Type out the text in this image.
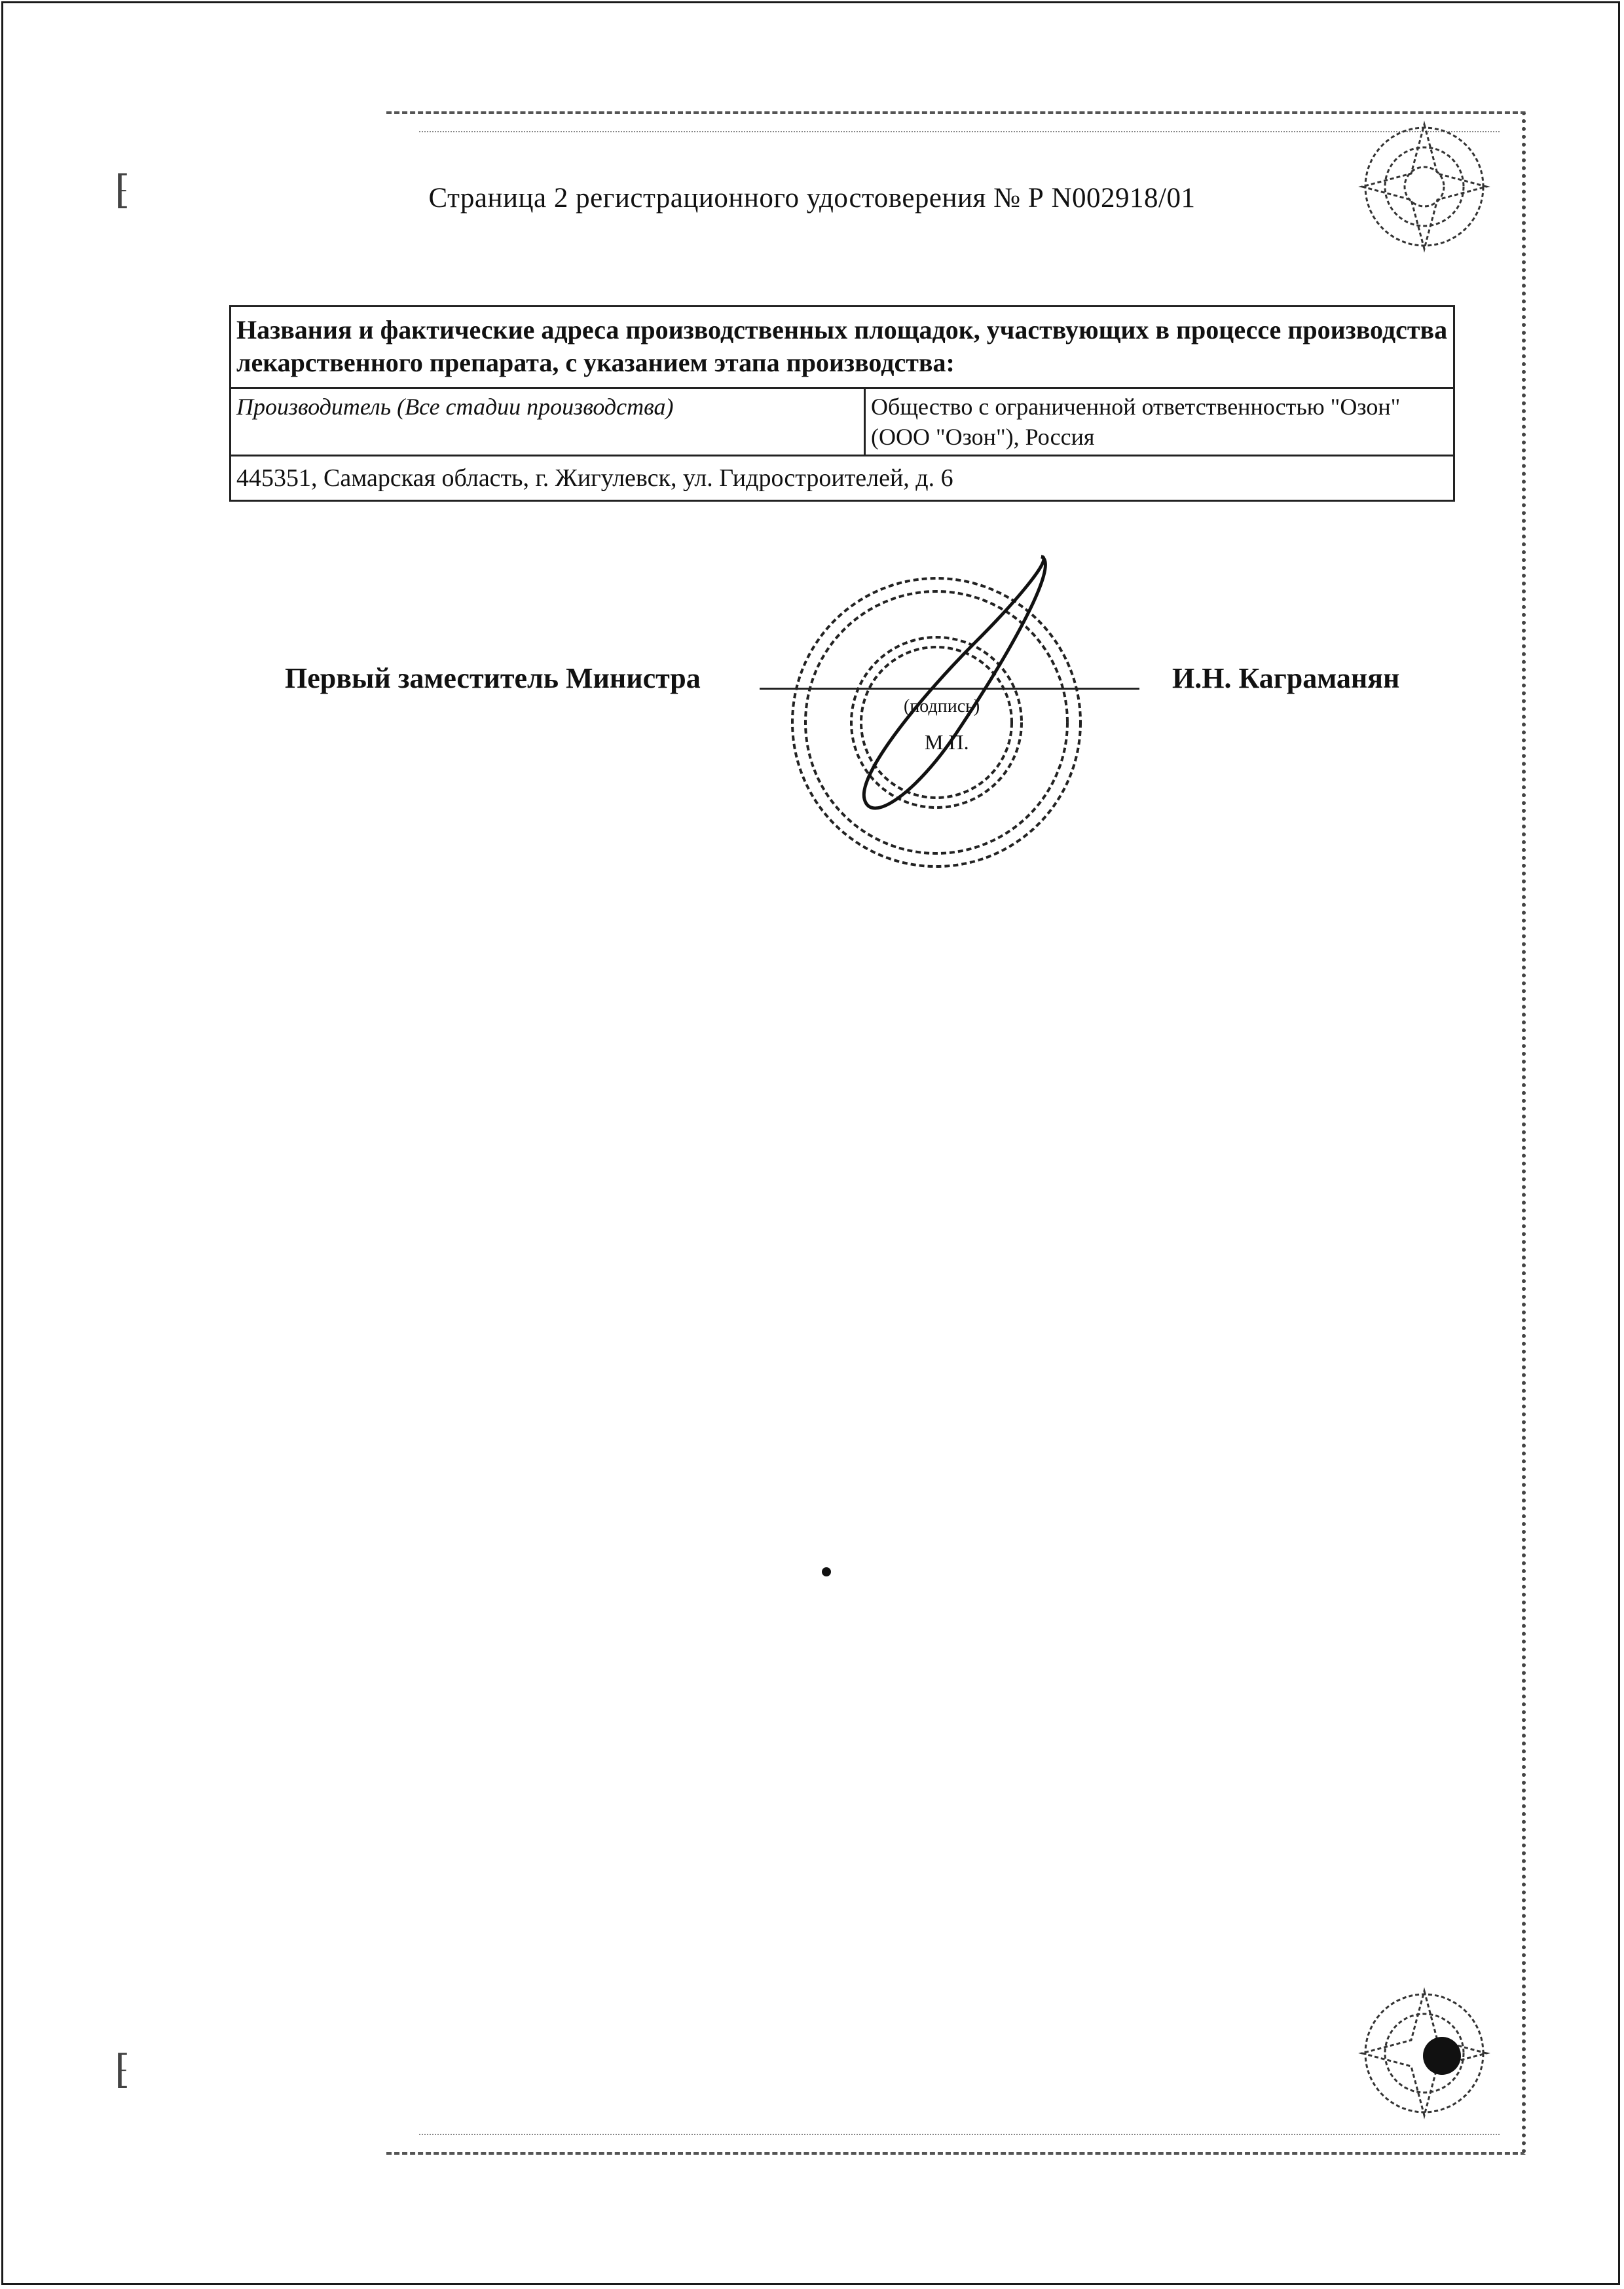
⁅
⁅
Страница 2 регистрационного удостоверения № Р N002918/01
Названия и фактические адреса производственных площадок, участвующих в процессе производства лекарственного препарата, с указанием этапа производства:
Производитель (Все стадии производства)	Общество с ограниченной ответственностью "Озон"
(ООО "Озон"), Россия

445351, Самарская область, г. Жигулевск, ул. Гидростроителей, д. 6
Первый заместитель Министра
(подпись)
М.П.
И.Н. Каграманян
